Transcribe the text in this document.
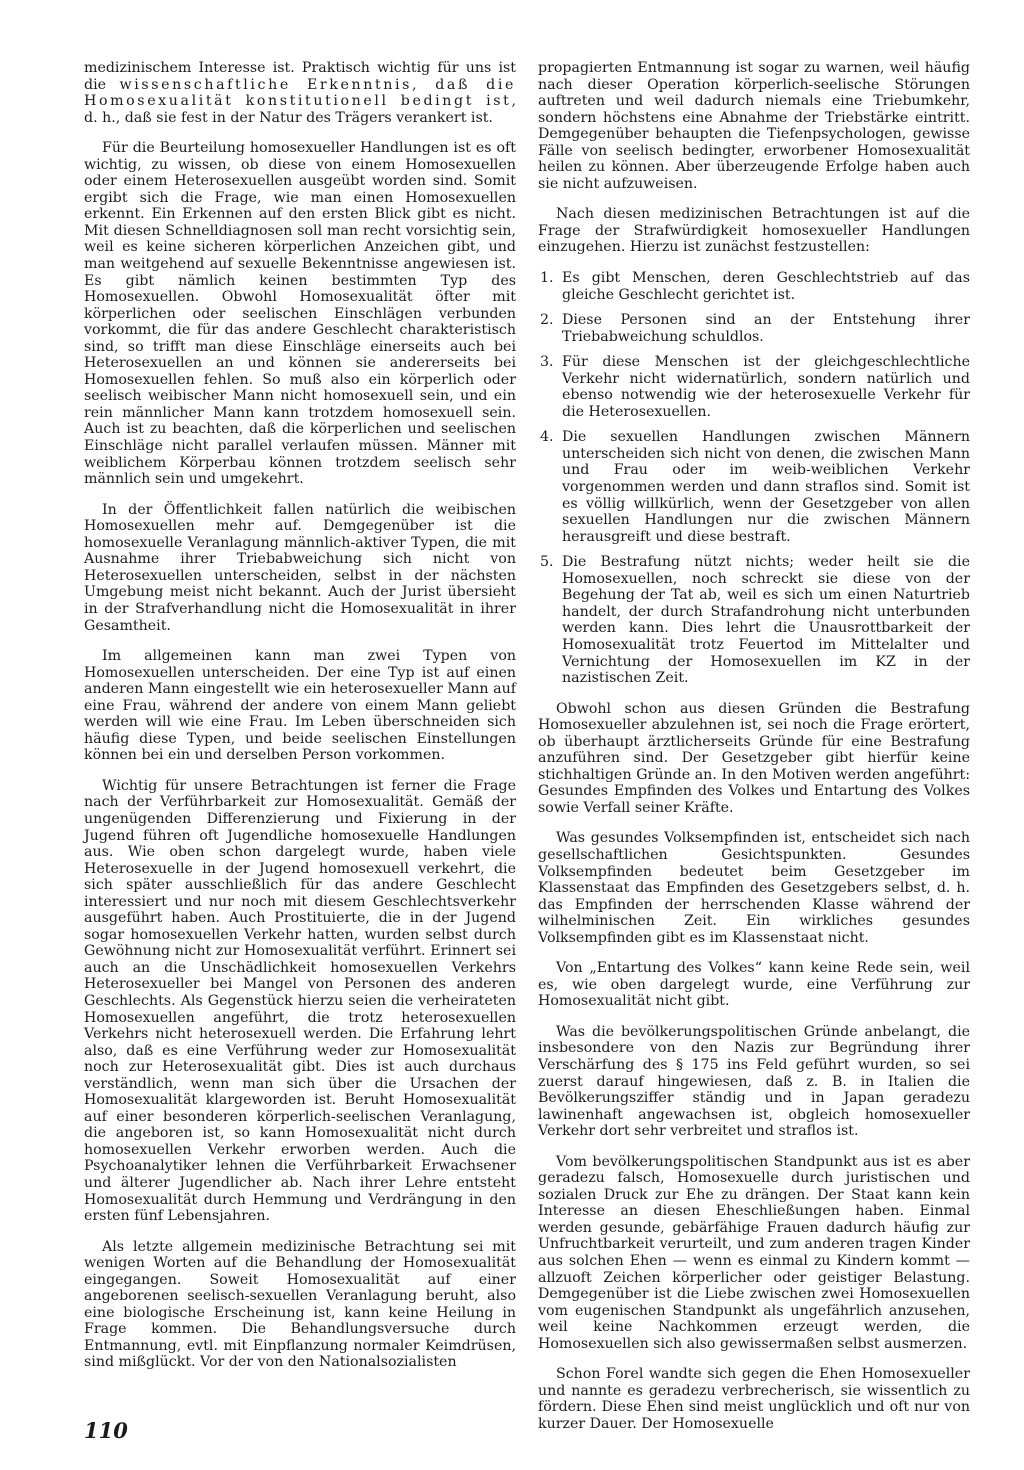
medizinischem Interesse ist. Praktisch wichtig für uns ist die wissenschaftliche Erkenntnis, daß die Homosexualität konstitutionell bedingt ist, d. h., daß sie fest in der Natur des Trägers verankert ist.

Für die Beurteilung homosexueller Handlungen ist es oft wichtig, zu wissen, ob diese von einem Homosexuellen oder einem Heterosexuellen ausgeübt worden sind. Somit ergibt sich die Frage, wie man einen Homosexuellen erkennt. Ein Erkennen auf den ersten Blick gibt es nicht. Mit diesen Schnelldiagnosen soll man recht vorsichtig sein, weil es keine sicheren körperlichen Anzeichen gibt, und man weitgehend auf sexuelle Bekenntnisse angewiesen ist. Es gibt nämlich keinen bestimmten Typ des Homosexuellen. Obwohl Homosexualität öfter mit körperlichen oder seelischen Einschlägen verbunden vorkommt, die für das andere Geschlecht charakteristisch sind, so trifft man diese Einschläge einerseits auch bei Heterosexuellen an und können sie andererseits bei Homosexuellen fehlen. So muß also ein körperlich oder seelisch weibischer Mann nicht homosexuell sein, und ein rein männlicher Mann kann trotzdem homosexuell sein. Auch ist zu beachten, daß die körperlichen und seelischen Einschläge nicht parallel verlaufen müssen. Männer mit weiblichem Körperbau können trotzdem seelisch sehr männlich sein und umgekehrt.

In der Öffentlichkeit fallen natürlich die weibischen Homosexuellen mehr auf. Demgegenüber ist die homosexuelle Veranlagung männlich-aktiver Typen, die mit Ausnahme ihrer Triebabweichung sich nicht von Heterosexuellen unterscheiden, selbst in der nächsten Umgebung meist nicht bekannt. Auch der Jurist übersieht in der Strafverhandlung nicht die Homosexualität in ihrer Gesamtheit.

Im allgemeinen kann man zwei Typen von Homosexuellen unterscheiden. Der eine Typ ist auf einen anderen Mann eingestellt wie ein heterosexueller Mann auf eine Frau, während der andere von einem Mann geliebt werden will wie eine Frau. Im Leben überschneiden sich häufig diese Typen, und beide seelischen Einstellungen können bei ein und derselben Person vorkommen.

Wichtig für unsere Betrachtungen ist ferner die Frage nach der Verführbarkeit zur Homosexualität. Gemäß der ungenügenden Differenzierung und Fixierung in der Jugend führen oft Jugendliche homosexuelle Handlungen aus. Wie oben schon dargelegt wurde, haben viele Heterosexuelle in der Jugend homosexuell verkehrt, die sich später ausschließlich für das andere Geschlecht interessiert und nur noch mit diesem Geschlechtsverkehr ausgeführt haben. Auch Prostituierte, die in der Jugend sogar homosexuellen Verkehr hatten, wurden selbst durch Gewöhnung nicht zur Homosexualität verführt. Erinnert sei auch an die Unschädlichkeit homosexuellen Verkehrs Heterosexueller bei Mangel von Personen des anderen Geschlechts. Als Gegenstück hierzu seien die verheirateten Homosexuellen angeführt, die trotz heterosexuellen Verkehrs nicht heterosexuell werden. Die Erfahrung lehrt also, daß es eine Verführung weder zur Homosexualität noch zur Heterosexualität gibt. Dies ist auch durchaus verständlich, wenn man sich über die Ursachen der Homosexualität klargeworden ist. Beruht Homosexualität auf einer besonderen körperlich-seelischen Veranlagung, die angeboren ist, so kann Homosexualität nicht durch homosexuellen Verkehr erworben werden. Auch die Psychoanalytiker lehnen die Verführbarkeit Erwachsener und älterer Jugendlicher ab. Nach ihrer Lehre entsteht Homosexualität durch Hemmung und Verdrängung in den ersten fünf Lebensjahren.

Als letzte allgemein medizinische Betrachtung sei mit wenigen Worten auf die Behandlung der Homosexualität eingegangen. Soweit Homosexualität auf einer angeborenen seelisch-sexuellen Veranlagung beruht, also eine biologische Erscheinung ist, kann keine Heilung in Frage kommen. Die Behandlungsversuche durch Entmannung, evtl. mit Einpflanzung normaler Keimdrüsen, sind mißglückt. Vor der von den Nationalsozialisten

propagierten Entmannung ist sogar zu warnen, weil häufig nach dieser Operation körperlich-seelische Störungen auftreten und weil dadurch niemals eine Triebumkehr, sondern höchstens eine Abnahme der Triebstärke eintritt. Demgegenüber behaupten die Tiefenpsychologen, gewisse Fälle von seelisch bedingter, erworbener Homosexualität heilen zu können. Aber überzeugende Erfolge haben auch sie nicht aufzuweisen.

Nach diesen medizinischen Betrachtungen ist auf die Frage der Strafwürdigkeit homosexueller Handlungen einzugehen. Hierzu ist zunächst festzustellen:

1. Es gibt Menschen, deren Geschlechtstrieb auf das gleiche Geschlecht gerichtet ist.
2. Diese Personen sind an der Entstehung ihrer Triebabweichung schuldlos.
3. Für diese Menschen ist der gleichgeschlechtliche Verkehr nicht widernatürlich, sondern natürlich und ebenso notwendig wie der heterosexuelle Verkehr für die Heterosexuellen.
4. Die sexuellen Handlungen zwischen Männern unterscheiden sich nicht von denen, die zwischen Mann und Frau oder im weib-weiblichen Verkehr vorgenommen werden und dann straflos sind. Somit ist es völlig willkürlich, wenn der Gesetzgeber von allen sexuellen Handlungen nur die zwischen Männern herausgreift und diese bestraft.
5. Die Bestrafung nützt nichts; weder heilt sie die Homosexuellen, noch schreckt sie diese von der Begehung der Tat ab, weil es sich um einen Naturtrieb handelt, der durch Strafandrohung nicht unterbunden werden kann. Dies lehrt die Unausrottbarkeit der Homosexualität trotz Feuertod im Mittelalter und Vernichtung der Homosexuellen im KZ in der nazistischen Zeit.

Obwohl schon aus diesen Gründen die Bestrafung Homosexueller abzulehnen ist, sei noch die Frage erörtert, ob überhaupt ärztlicherseits Gründe für eine Bestrafung anzuführen sind. Der Gesetzgeber gibt hierfür keine stichhaltigen Gründe an. In den Motiven werden angeführt: Gesundes Empfinden des Volkes und Entartung des Volkes sowie Verfall seiner Kräfte.

Was gesundes Volksempfinden ist, entscheidet sich nach gesellschaftlichen Gesichtspunkten. Gesundes Volksempfinden bedeutet beim Gesetzgeber im Klassenstaat das Empfinden des Gesetzgebers selbst, d. h. das Empfinden der herrschenden Klasse während der wilhelminischen Zeit. Ein wirkliches gesundes Volksempfinden gibt es im Klassenstaat nicht.

Von „Entartung des Volkes“ kann keine Rede sein, weil es, wie oben dargelegt wurde, eine Verführung zur Homosexualität nicht gibt.

Was die bevölkerungspolitischen Gründe anbelangt, die insbesondere von den Nazis zur Begründung ihrer Verschärfung des § 175 ins Feld geführt wurden, so sei zuerst darauf hingewiesen, daß z. B. in Italien die Bevölkerungsziffer ständig und in Japan geradezu lawinenhaft angewachsen ist, obgleich homosexueller Verkehr dort sehr verbreitet und straflos ist.

Vom bevölkerungspolitischen Standpunkt aus ist es aber geradezu falsch, Homosexuelle durch juristischen und sozialen Druck zur Ehe zu drängen. Der Staat kann kein Interesse an diesen Eheschließungen haben. Einmal werden gesunde, gebärfähige Frauen dadurch häufig zur Unfruchtbarkeit verurteilt, und zum anderen tragen Kinder aus solchen Ehen — wenn es einmal zu Kindern kommt — allzuoft Zeichen körperlicher oder geistiger Belastung. Demgegenüber ist die Liebe zwischen zwei Homosexuellen vom eugenischen Standpunkt als ungefährlich anzusehen, weil keine Nachkommen erzeugt werden, die Homosexuellen sich also gewissermaßen selbst ausmerzen.

Schon Forel wandte sich gegen die Ehen Homosexueller und nannte es geradezu verbrecherisch, sie wissentlich zu fördern. Diese Ehen sind meist unglücklich und oft nur von kurzer Dauer. Der Homosexuelle

110
